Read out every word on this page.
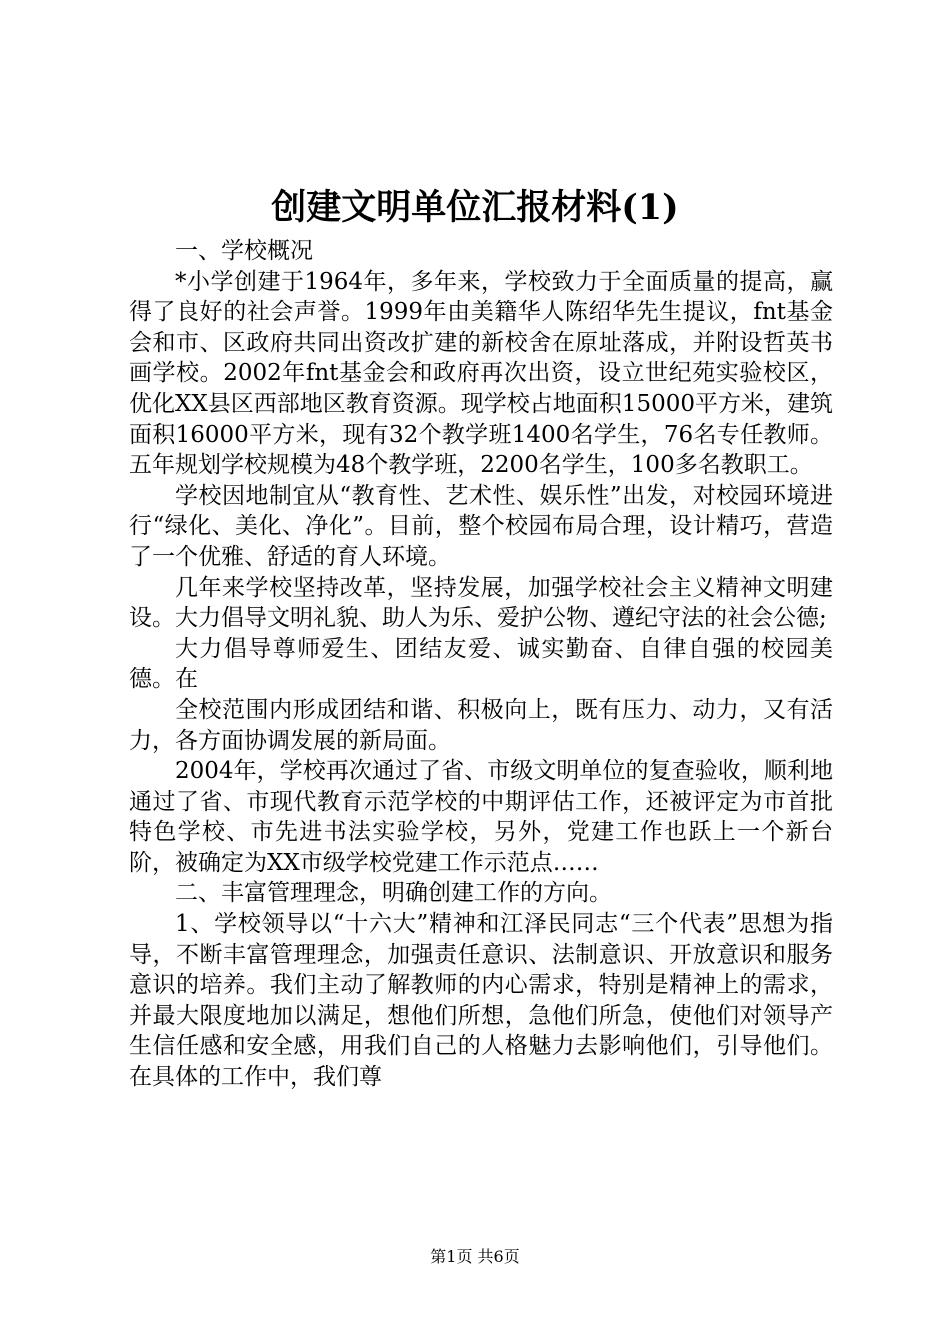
创建文明单位汇报材料(1)

一、学校概况

*小学创建于1964年，多年来，学校致力于全面质量的提高，赢得了良好的社会声誉。1999年由美籍华人陈绍华先生提议，fnt基金会和市、区政府共同出资改扩建的新校舍在原址落成，并附设哲英书画学校。2002年fnt基金会和政府再次出资，设立世纪苑实验校区，优化XX县区西部地区教育资源。现学校占地面积15000平方米，建筑面积16000平方米，现有32个教学班1400名学生，76名专任教师。五年规划学校规模为48个教学班，2200名学生，100多名教职工。

学校因地制宜从“教育性、艺术性、娱乐性”出发，对校园环境进行“绿化、美化、净化”。目前，整个校园布局合理，设计精巧，营造了一个优雅、舒适的育人环境。

几年来学校坚持改革，坚持发展，加强学校社会主义精神文明建设。大力倡导文明礼貌、助人为乐、爱护公物、遵纪守法的社会公德;

大力倡导尊师爱生、团结友爱、诚实勤奋、自律自强的校园美德。在

全校范围内形成团结和谐、积极向上，既有压力、动力，又有活力，各方面协调发展的新局面。

2004年，学校再次通过了省、市级文明单位的复查验收，顺利地通过了省、市现代教育示范学校的中期评估工作，还被评定为市首批特色学校、市先进书法实验学校，另外，党建工作也跃上一个新台阶，被确定为XX市级学校党建工作示范点……

二、丰富管理理念，明确创建工作的方向。

1、学校领导以“十六大”精神和江泽民同志“三个代表”思想为指导，不断丰富管理理念，加强责任意识、法制意识、开放意识和服务意识的培养。我们主动了解教师的内心需求，特别是精神上的需求，并最大限度地加以满足，想他们所想，急他们所急，使他们对领导产生信任感和安全感，用我们自己的人格魅力去影响他们，引导他们。在具体的工作中，我们尊

第1页 共6页
